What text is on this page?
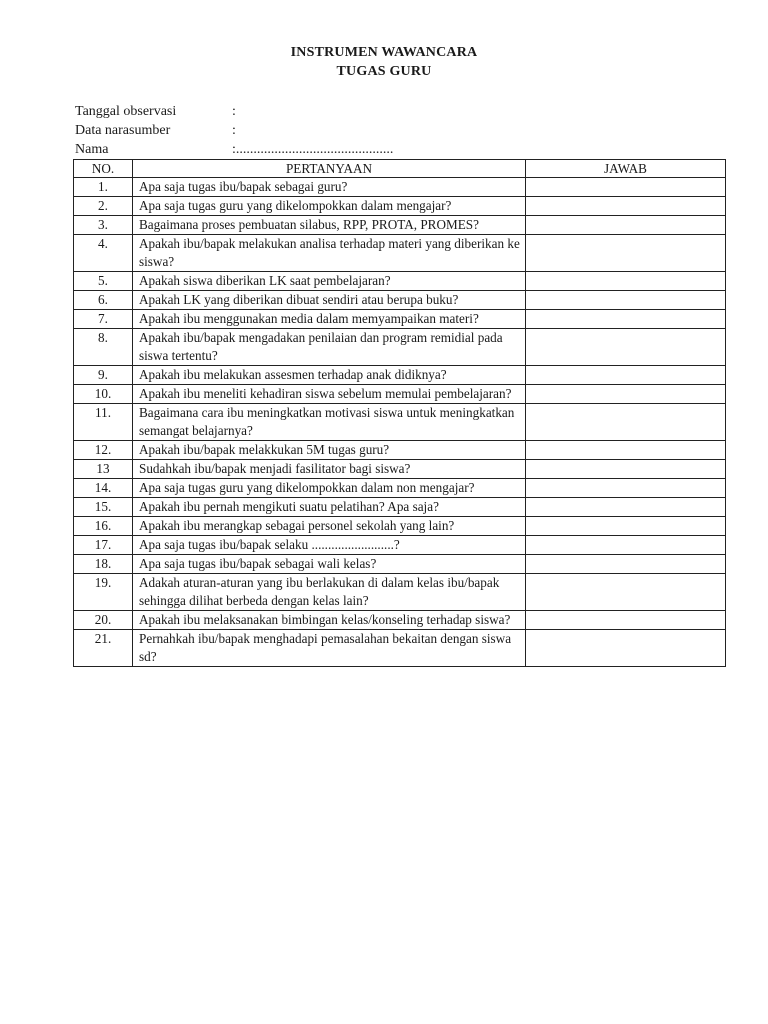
INSTRUMEN WAWANCARA
TUGAS GURU
Tanggal observasi	:
Data narasumber	:
Nama	:.............................................
NO.	PERTANYAAN	JAWAB
1.	Apa saja tugas ibu/bapak sebagai guru?	
2.	Apa saja tugas guru yang dikelompokkan dalam mengajar?	
3.	Bagaimana proses pembuatan silabus, RPP, PROTA, PROMES?	
4.	Apakah ibu/bapak melakukan analisa terhadap materi yang diberikan ke siswa?	
5.	Apakah siswa diberikan LK saat pembelajaran?	
6.	Apakah LK yang diberikan dibuat sendiri atau berupa buku?	
7.	Apakah ibu menggunakan media dalam memyampaikan materi?	
8.	Apakah ibu/bapak mengadakan penilaian dan program remidial pada siswa tertentu?	
9.	Apakah ibu melakukan assesmen terhadap anak didiknya?	
10.	Apakah ibu meneliti kehadiran siswa sebelum memulai pembelajaran?	
11.	Bagaimana cara ibu meningkatkan motivasi siswa untuk meningkatkan semangat belajarnya?	
12.	Apakah ibu/bapak melakkukan 5M tugas guru?	
13	Sudahkah ibu/bapak menjadi fasilitator bagi siswa?	
14.	Apa saja tugas guru yang dikelompokkan dalam non mengajar?	
15.	Apakah ibu pernah mengikuti suatu pelatihan? Apa saja?	
16.	Apakah ibu merangkap sebagai personel sekolah yang lain?	
17.	Apa saja tugas ibu/bapak selaku .........................?	
18.	Apa saja tugas ibu/bapak sebagai wali kelas?	
19.	Adakah aturan-aturan yang ibu berlakukan di dalam kelas ibu/bapak sehingga dilihat berbeda dengan kelas lain?	
20.	Apakah ibu melaksanakan bimbingan kelas/konseling terhadap siswa?	
21.	Pernahkah ibu/bapak menghadapi pemasalahan bekaitan dengan siswa sd?	
